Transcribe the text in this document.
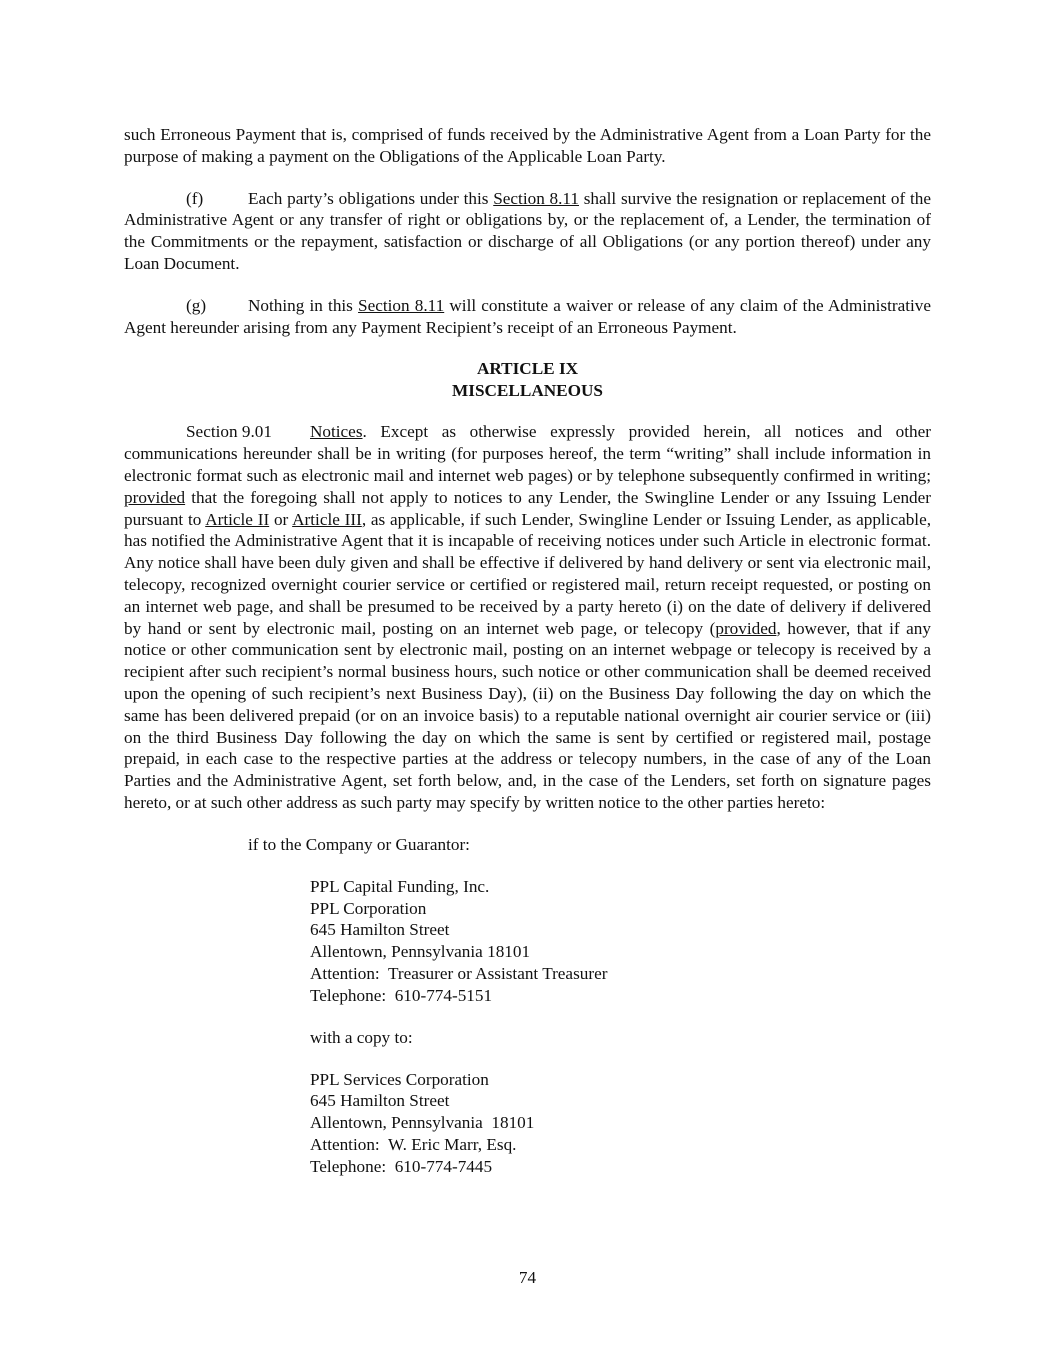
such Erroneous Payment that is, comprised of funds received by the Administrative Agent from a Loan Party for the purpose of making a payment on the Obligations of the Applicable Loan Party.

(f)	Each party’s obligations under this Section 8.11 shall survive the resignation or replacement of the Administrative Agent or any transfer of right or obligations by, or the replacement of, a Lender, the termination of the Commitments or the repayment, satisfaction or discharge of all Obligations (or any portion thereof) under any Loan Document.

(g) Nothing in this Section 8.11 will constitute a waiver or release of any claim of the Administrative Agent hereunder arising from any Payment Recipient’s receipt of an Erroneous Payment.

ARTICLE IX
MISCELLANEOUS

Section 9.01 Notices. Except as otherwise expressly provided herein, all notices and other communications hereunder shall be in writing (for purposes hereof, the term “writing” shall include information in electronic format such as electronic mail and internet web pages) or by telephone subsequently confirmed in writing; provided that the foregoing shall not apply to notices to any Lender, the Swingline Lender or any Issuing Lender pursuant to Article II or Article III, as applicable, if such Lender, Swingline Lender or Issuing Lender, as applicable, has notified the Administrative Agent that it is incapable of receiving notices under such Article in electronic format. Any notice shall have been duly given and shall be effective if delivered by hand delivery or sent via electronic mail, telecopy, recognized overnight courier service or certified or registered mail, return receipt requested, or posting on an internet web page, and shall be presumed to be received by a party hereto (i) on the date of delivery if delivered by hand or sent by electronic mail, posting on an internet web page, or telecopy (provided, however, that if any notice or other communication sent by electronic mail, posting on an internet webpage or telecopy is received by a recipient after such recipient’s normal business hours, such notice or other communication shall be deemed received upon the opening of such recipient’s next Business Day), (ii) on the Business Day following the day on which the same has been delivered prepaid (or on an invoice basis) to a reputable national overnight air courier service or (iii) on the third Business Day following the day on which the same is sent by certified or registered mail, postage prepaid, in each case to the respective parties at the address or telecopy numbers, in the case of any of the Loan Parties and the Administrative Agent, set forth below, and, in the case of the Lenders, set forth on signature pages hereto, or at such other address as such party may specify by written notice to the other parties hereto:

if to the Company or Guarantor:
PPL Capital Funding, Inc.
PPL Corporation
645 Hamilton Street
Allentown, Pennsylvania 18101
Attention:  Treasurer or Assistant Treasurer
Telephone:  610-774-5151
with a copy to:
PPL Services Corporation
645 Hamilton Street
Allentown, Pennsylvania  18101
Attention:  W. Eric Marr, Esq.
Telephone:  610-774-7445
74
